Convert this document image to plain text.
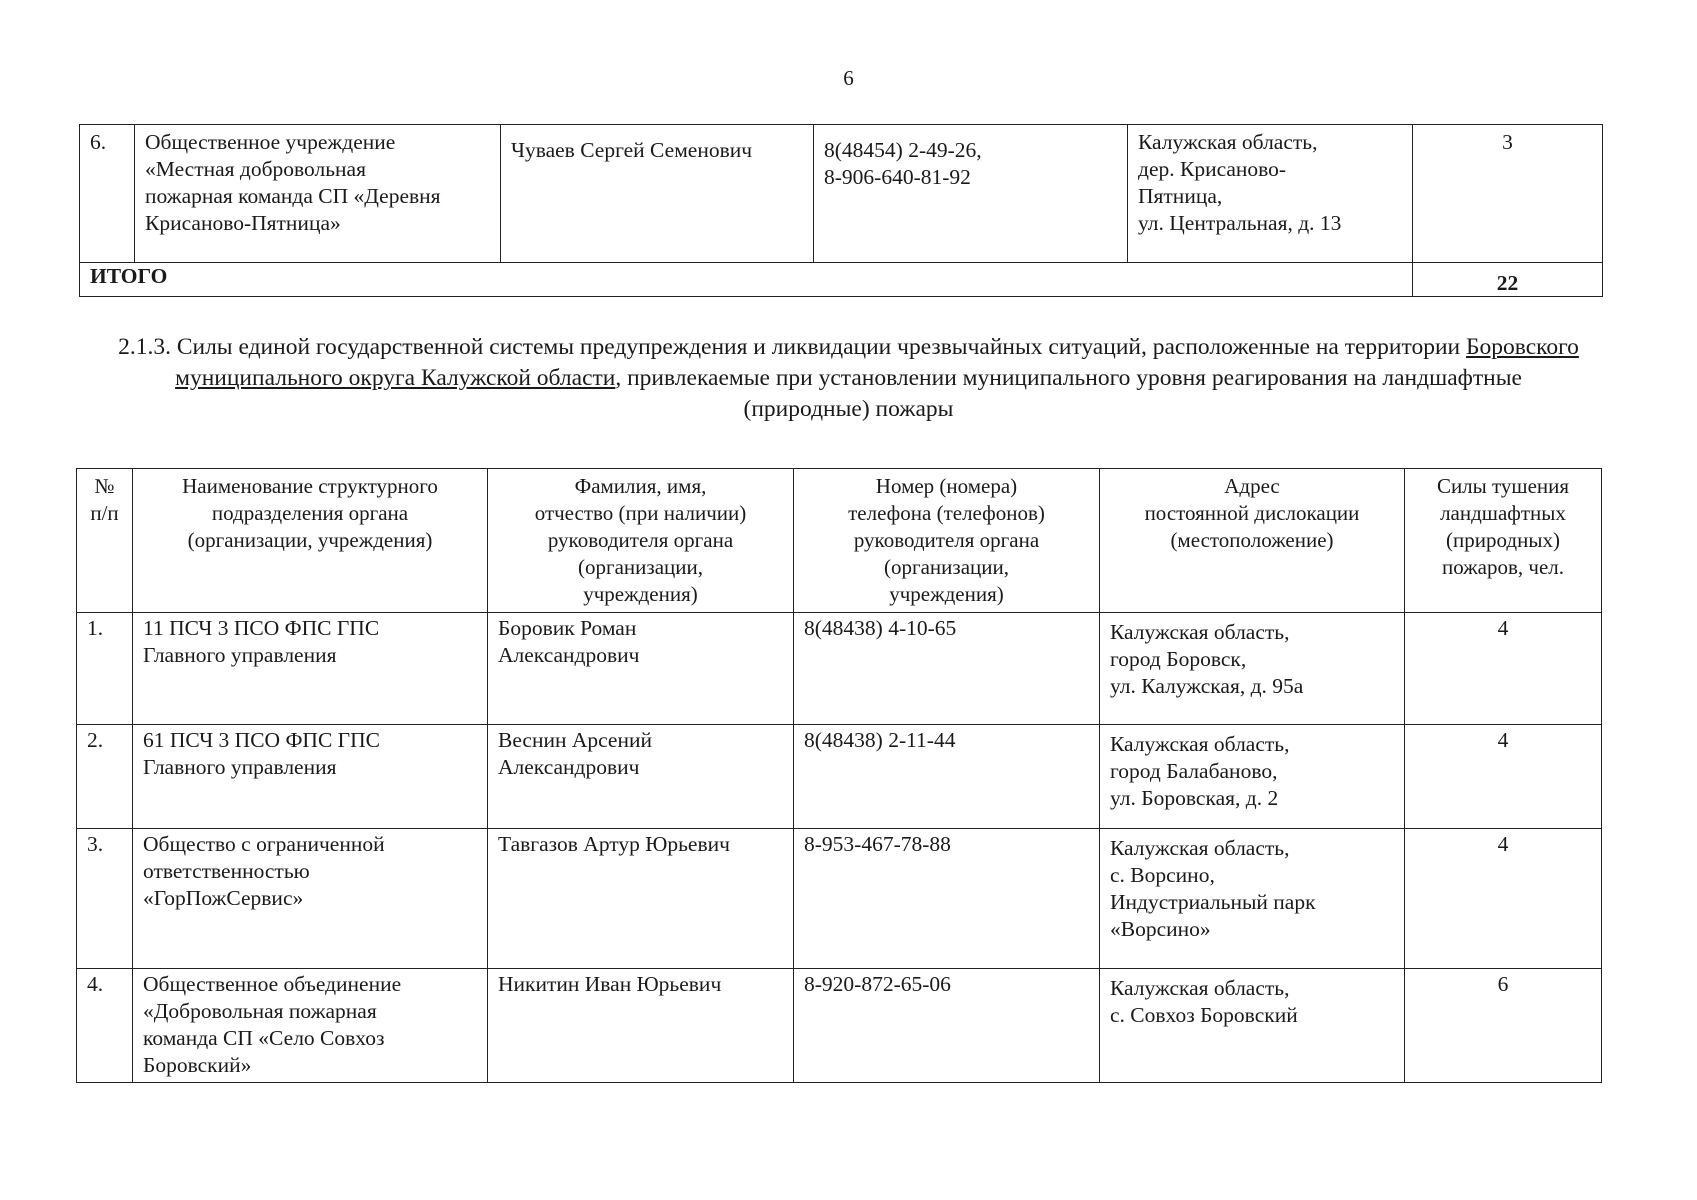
6
6.	Общественное учреждение
«Местная добровольная
пожарная команда СП «Деревня
Крисаново-Пятница»	Чуваев Сергей Семенович	8(48454) 2-49-26,
8-906-640-81-92	Калужская область,
дер. Крисаново-
Пятница,
ул. Центральная, д. 13	3

ИТОГО					22
2.1.3. Силы единой государственной системы предупреждения и ликвидации чрезвычайных ситуаций, расположенные на территории Боровского муниципального округа Калужской области, привлекаемые при установлении муниципального уровня реагирования на ландшафтные (природные) пожары
№
п/п	Наименование структурного
подразделения органа
(организации, учреждения)	Фамилия, имя,
отчество (при наличии)
руководителя органа
(организации,
учреждения)	Номер (номера)
телефона (телефонов)
руководителя органа
(организации,
учреждения)	Адрес
постоянной дислокации
(местоположение)	Силы тушения
ландшафтных
(природных)
пожаров, чел.

1.	11 ПСЧ 3 ПСО ФПС ГПС
Главного управления	Боровик Роман
Александрович	8(48438) 4-10-65	Калужская область,
город Боровск,
ул. Калужская, д. 95а	4

2.	61 ПСЧ 3 ПСО ФПС ГПС
Главного управления	Веснин Арсений
Александрович	8(48438) 2-11-44	Калужская область,
город Балабаново,
ул. Боровская, д. 2	4

3.	Общество с ограниченной
ответственностью
«ГорПожСервис»	Тавгазов Артур Юрьевич	8-953-467-78-88	Калужская область,
с. Ворсино,
Индустриальный парк
«Ворсино»	4

4.	Общественное объединение
«Добровольная пожарная
команда СП «Село Совхоз
Боровский»	Никитин Иван Юрьевич	8-920-872-65-06	Калужская область,
с. Совхоз Боровский	6
